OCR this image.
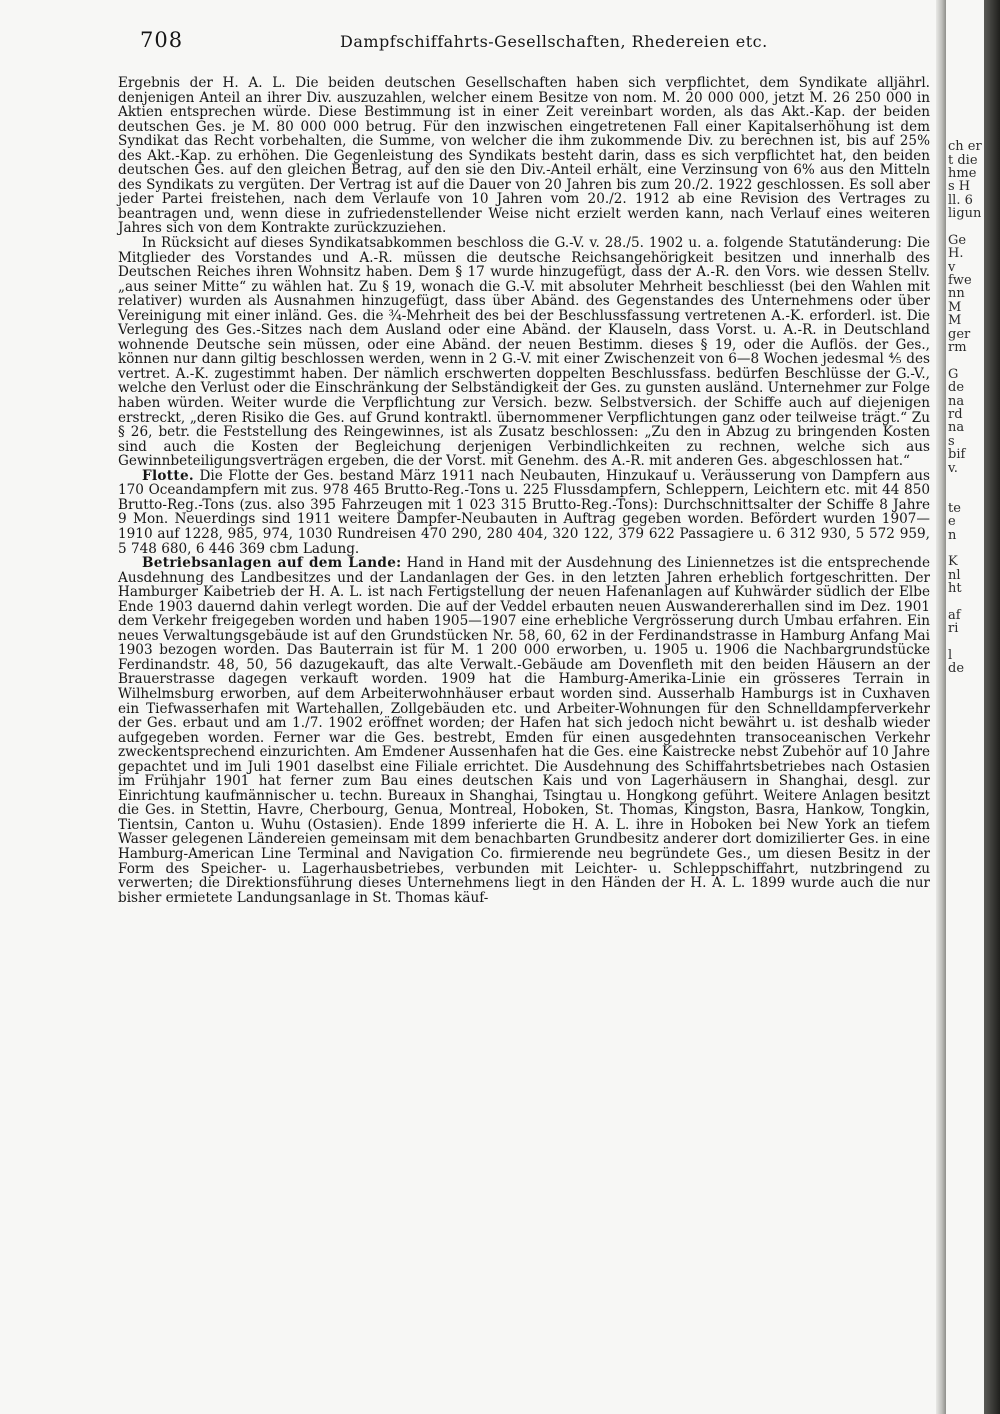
708	Dampfschiffahrts-Gesellschaften, Rhedereien etc.

Ergebnis der H. A. L. Die beiden deutschen Gesellschaften haben sich verpflichtet, dem Syndikate alljährl. denjenigen Anteil an ihrer Div. auszuzahlen, welcher einem Besitze von nom. M. 20 000 000, jetzt M. 26 250 000 in Aktien entsprechen würde. Diese Bestimmung ist in einer Zeit vereinbart worden, als das Akt.-Kap. der beiden deutschen Ges. je M. 80 000 000 betrug. Für den inzwischen eingetretenen Fall einer Kapitalserhöhung ist dem Syndikat das Recht vorbehalten, die Summe, von welcher die ihm zukommende Div. zu berechnen ist, bis auf 25% des Akt.-Kap. zu erhöhen. Die Gegenleistung des Syndikats besteht darin, dass es sich verpflichtet hat, den beiden deutschen Ges. auf den gleichen Betrag, auf den sie den Div.-Anteil erhält, eine Verzinsung von 6% aus den Mitteln des Syndikats zu vergüten. Der Vertrag ist auf die Dauer von 20 Jahren bis zum 20./2. 1922 geschlossen. Es soll aber jeder Partei freistehen, nach dem Verlaufe von 10 Jahren vom 20./2. 1912 ab eine Revision des Vertrages zu beantragen und, wenn diese in zufriedenstellender Weise nicht erzielt werden kann, nach Verlauf eines weiteren Jahres sich von dem Kontrakte zurückzuziehen.

In Rücksicht auf dieses Syndikatsabkommen beschloss die G.-V. v. 28./5. 1902 u. a. folgende Statutänderung: Die Mitglieder des Vorstandes und A.-R. müssen die deutsche Reichsangehörigkeit besitzen und innerhalb des Deutschen Reiches ihren Wohnsitz haben. Dem § 17 wurde hinzugefügt, dass der A.-R. den Vors. wie dessen Stellv. „aus seiner Mitte“ zu wählen hat. Zu § 19, wonach die G.-V. mit absoluter Mehrheit beschliesst (bei den Wahlen mit relativer) wurden als Ausnahmen hinzugefügt, dass über Abänd. des Gegenstandes des Unternehmens oder über Vereinigung mit einer inländ. Ges. die ¾-Mehrheit des bei der Beschlussfassung vertretenen A.-K. erforderl. ist. Die Verlegung des Ges.-Sitzes nach dem Ausland oder eine Abänd. der Klauseln, dass Vorst. u. A.-R. in Deutschland wohnende Deutsche sein müssen, oder eine Abänd. der neuen Bestimm. dieses § 19, oder die Auflös. der Ges., können nur dann giltig beschlossen werden, wenn in 2 G.-V. mit einer Zwischenzeit von 6—8 Wochen jedesmal ⅘ des vertret. A.-K. zugestimmt haben. Der nämlich erschwerten doppelten Beschlussfass. bedürfen Beschlüsse der G.-V., welche den Verlust oder die Einschränkung der Selbständigkeit der Ges. zu gunsten ausländ. Unternehmer zur Folge haben würden. Weiter wurde die Verpflichtung zur Versich. bezw. Selbstversich. der Schiffe auch auf diejenigen erstreckt, „deren Risiko die Ges. auf Grund kontraktl. übernommener Verpflichtungen ganz oder teilweise trägt.“ Zu § 26, betr. die Feststellung des Reingewinnes, ist als Zusatz beschlossen: „Zu den in Abzug zu bringenden Kosten sind auch die Kosten der Begleichung derjenigen Verbindlichkeiten zu rechnen, welche sich aus Gewinnbeteiligungsverträgen ergeben, die der Vorst. mit Genehm. des A.-R. mit anderen Ges. abgeschlossen hat.“

Flotte. Die Flotte der Ges. bestand März 1911 nach Neubauten, Hinzukauf u. Veräusserung von Dampfern aus 170 Oceandampfern mit zus. 978 465 Brutto-Reg.-Tons u. 225 Flussdampfern, Schleppern, Leichtern etc. mit 44 850 Brutto-Reg.-Tons (zus. also 395 Fahrzeugen mit 1 023 315 Brutto-Reg.-Tons): Durchschnittsalter der Schiffe 8 Jahre 9 Mon. Neuerdings sind 1911 weitere Dampfer-Neubauten in Auftrag gegeben worden. Befördert wurden 1907—1910 auf 1228, 985, 974, 1030 Rundreisen 470 290, 280 404, 320 122, 379 622 Passagiere u. 6 312 930, 5 572 959, 5 748 680, 6 446 369 cbm Ladung.

Betriebsanlagen auf dem Lande: Hand in Hand mit der Ausdehnung des Liniennetzes ist die entsprechende Ausdehnung des Landbesitzes und der Landanlagen der Ges. in den letzten Jahren erheblich fortgeschritten. Der Hamburger Kaibetrieb der H. A. L. ist nach Fertigstellung der neuen Hafenanlagen auf Kuhwärder südlich der Elbe Ende 1903 dauernd dahin verlegt worden. Die auf der Veddel erbauten neuen Auswandererhallen sind im Dez. 1901 dem Verkehr freigegeben worden und haben 1905—1907 eine erhebliche Vergrösserung durch Umbau erfahren. Ein neues Verwaltungsgebäude ist auf den Grundstücken Nr. 58, 60, 62 in der Ferdinandstrasse in Hamburg Anfang Mai 1903 bezogen worden. Das Bauterrain ist für M. 1 200 000 erworben, u. 1905 u. 1906 die Nachbargrundstücke Ferdinandstr. 48, 50, 56 dazugekauft, das alte Verwalt.-Gebäude am Dovenfleth mit den beiden Häusern an der Brauerstrasse dagegen verkauft worden. 1909 hat die Hamburg-Amerika-Linie ein grösseres Terrain in Wilhelmsburg erworben, auf dem Arbeiterwohnhäuser erbaut worden sind. Ausserhalb Hamburgs ist in Cuxhaven ein Tiefwasserhafen mit Wartehallen, Zollgebäuden etc. und Arbeiter-Wohnungen für den Schnelldampferverkehr der Ges. erbaut und am 1./7. 1902 eröffnet worden; der Hafen hat sich jedoch nicht bewährt u. ist deshalb wieder aufgegeben worden. Ferner war die Ges. bestrebt, Emden für einen ausgedehnten transoceanischen Verkehr zweckentsprechend einzurichten. Am Emdener Aussenhafen hat die Ges. eine Kaistrecke nebst Zubehör auf 10 Jahre gepachtet und im Juli 1901 daselbst eine Filiale errichtet. Die Ausdehnung des Schiffahrtsbetriebes nach Ostasien im Frühjahr 1901 hat ferner zum Bau eines deutschen Kais und von Lagerhäusern in Shanghai, desgl. zur Einrichtung kaufmännischer u. techn. Bureaux in Shanghai, Tsingtau u. Hongkong geführt. Weitere Anlagen besitzt die Ges. in Stettin, Havre, Cherbourg, Genua, Montreal, Hoboken, St. Thomas, Kingston, Basra, Hankow, Tongkin, Tientsin, Canton u. Wuhu (Ostasien). Ende 1899 inferierte die H. A. L. ihre in Hoboken bei New York an tiefem Wasser gelegenen Ländereien gemeinsam mit dem benachbarten Grundbesitz anderer dort domizilierter Ges. in eine Hamburg-American Line Terminal and Navigation Co. firmierende neu begründete Ges., um diesen Besitz in der Form des Speicher- u. Lagerhausbetriebes, verbunden mit Leichter- u. Schleppschiffahrt, nutzbringend zu verwerten; die Direktionsführung dieses Unternehmens liegt in den Händen der H. A. L. 1899 wurde auch die nur bisher ermietete Landungsanlage in St. Thomas käuf-

ch er
t die
hme
s H
ll. 6
ligun
Ge
H.
v
fwe
nn
M
M
ger
rm
G
de
na
rd
na
s
bif
v.
te
e
n
K
nl
ht
af
ri
l
de
